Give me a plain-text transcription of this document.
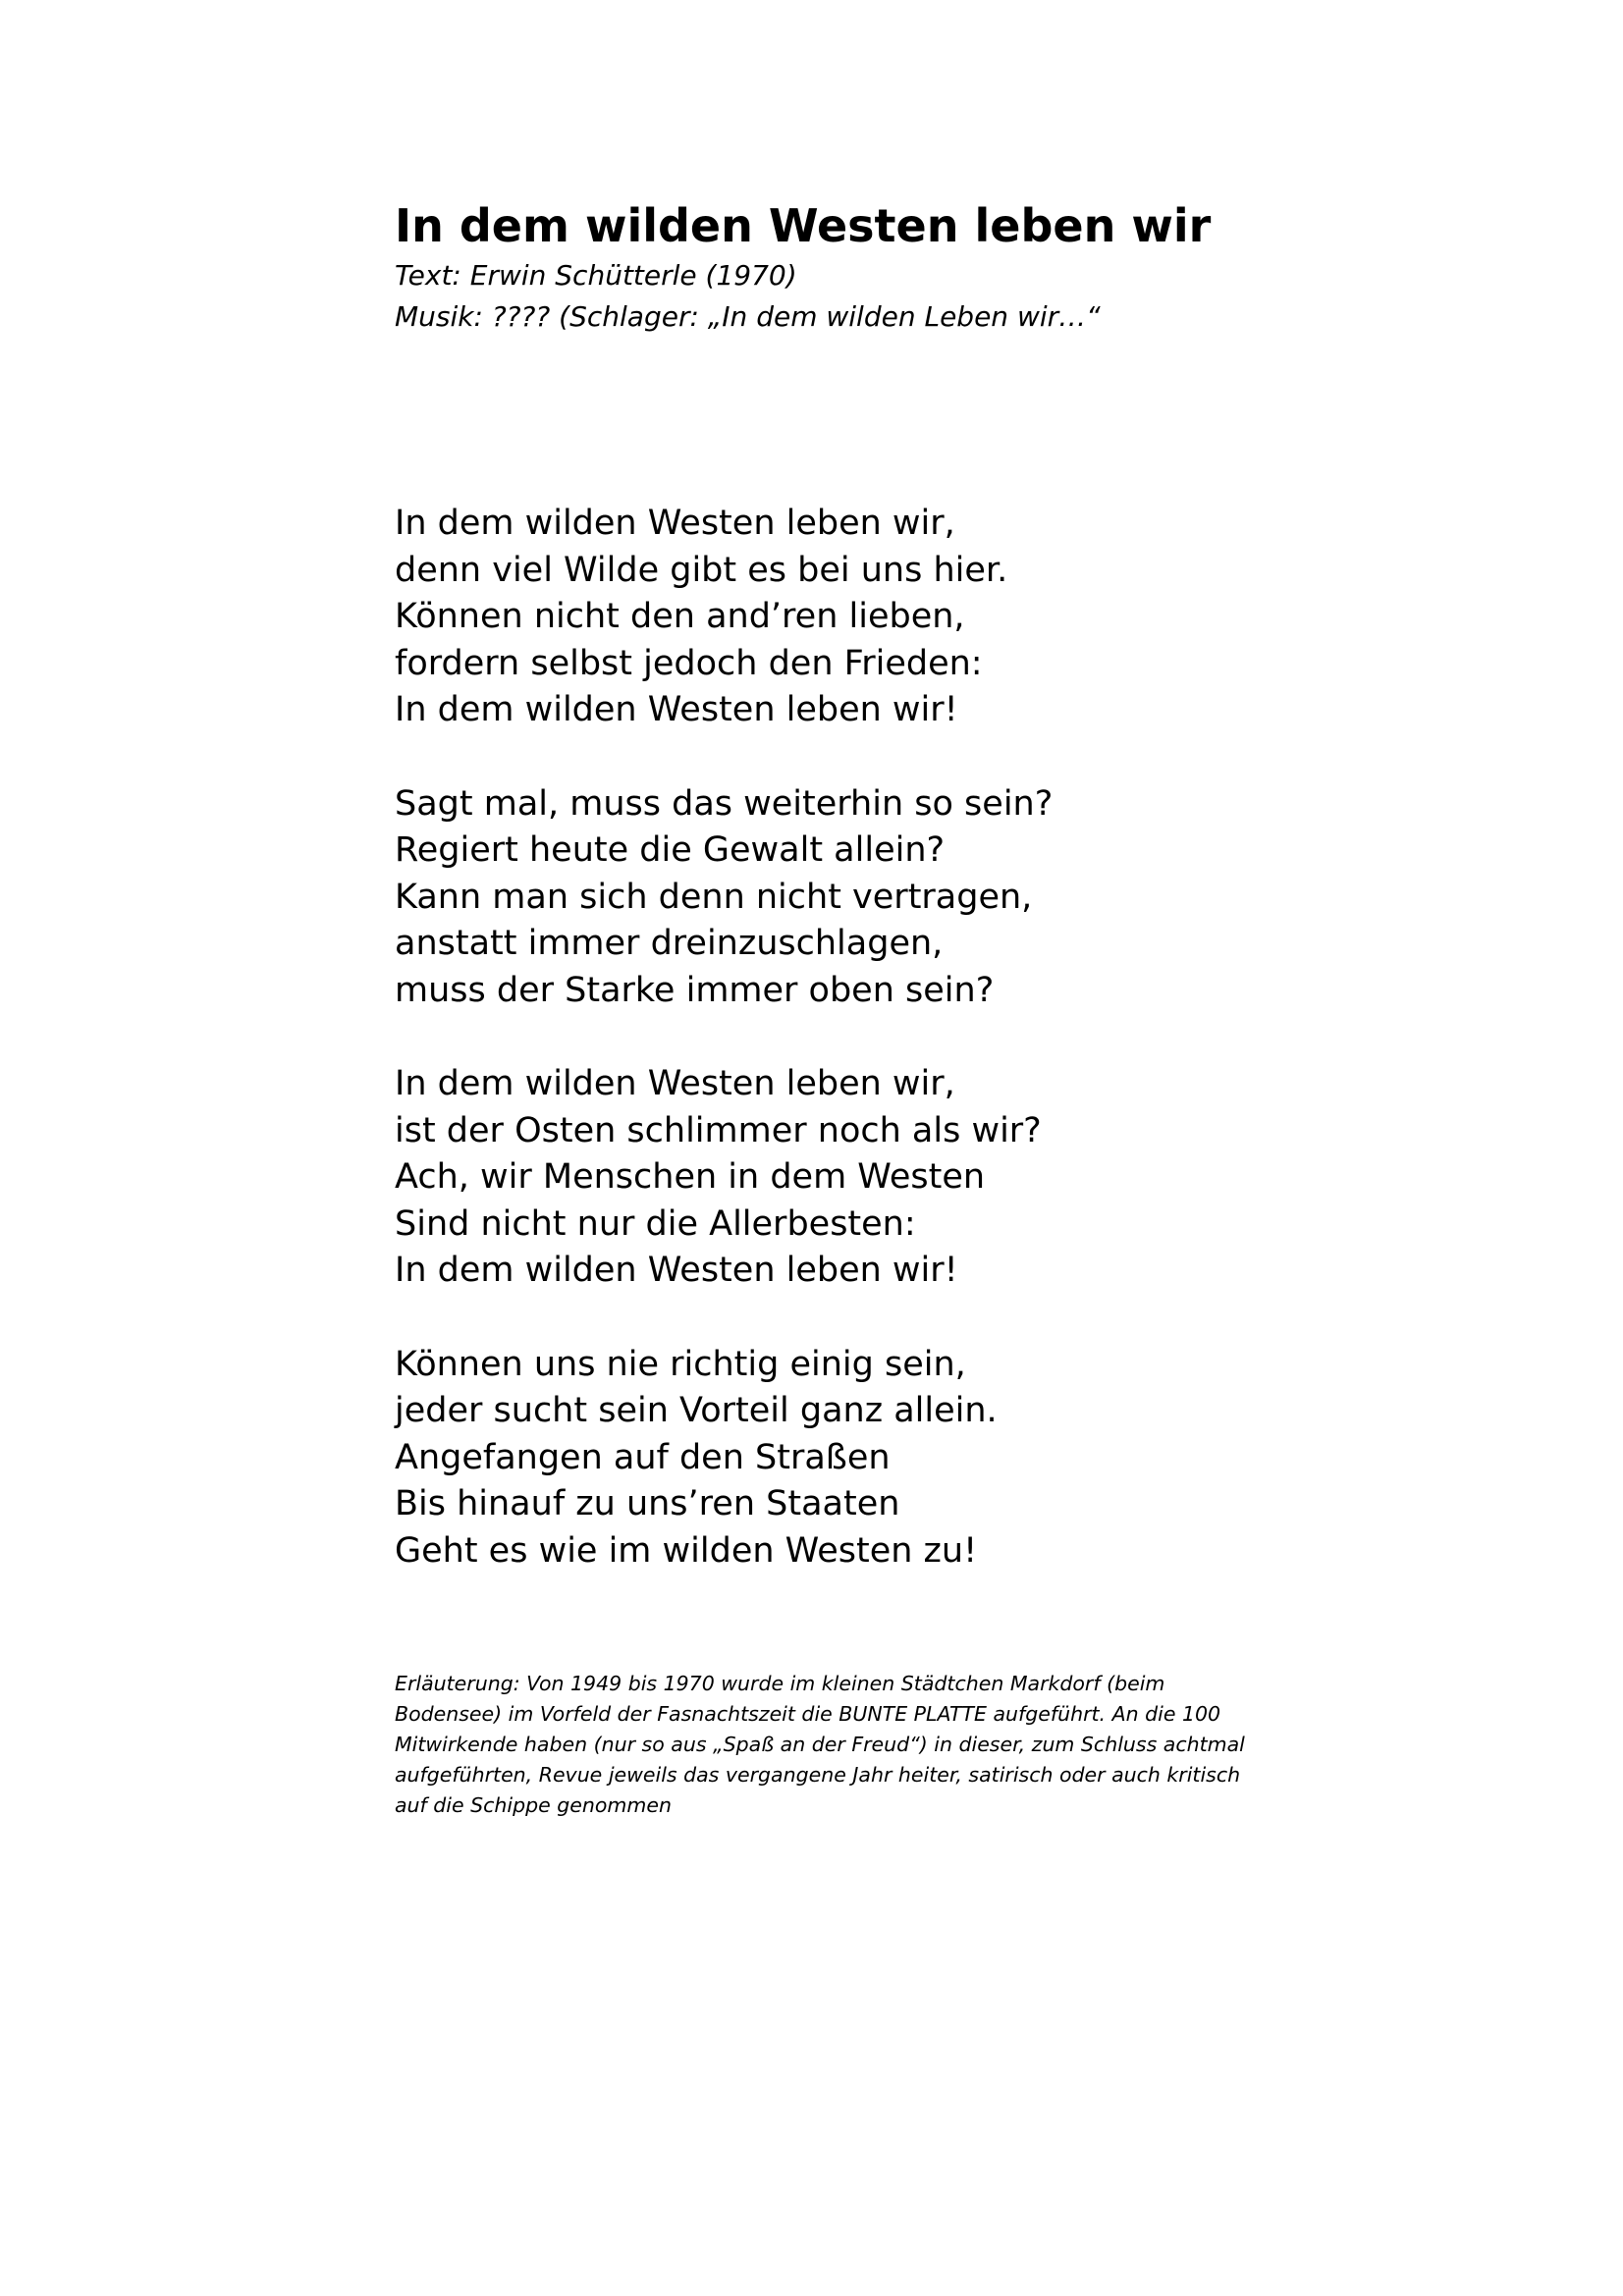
In dem wilden Westen leben wir

Text: Erwin Schütterle (1970)

Musik: ???? (Schlager: „In dem wilden Leben wir…“

In dem wilden Westen leben wir,
denn viel Wilde gibt es bei uns hier.
Können nicht den and’ren lieben,
fordern selbst jedoch den Frieden:
In dem wilden Westen leben wir!
Sagt mal, muss das weiterhin so sein?
Regiert heute die Gewalt allein?
Kann man sich denn nicht vertragen,
anstatt immer dreinzuschlagen,
muss der Starke immer oben sein?
In dem wilden Westen leben wir,
ist der Osten schlimmer noch als wir?
Ach, wir Menschen in dem Westen
Sind nicht nur die Allerbesten:
In dem wilden Westen leben wir!
Können uns nie richtig einig sein,
jeder sucht sein Vorteil ganz allein.
Angefangen auf den Straßen
Bis hinauf zu uns’ren Staaten
Geht es wie im wilden Westen zu!

Erläuterung: Von 1949 bis 1970 wurde im kleinen Städtchen Markdorf (beim Bodensee) im Vorfeld der Fasnachtszeit die BUNTE PLATTE aufgeführt. An die 100 Mitwirkende haben (nur so aus „Spaß an der Freud“) in dieser, zum Schluss achtmal aufgeführten, Revue jeweils das vergangene Jahr heiter, satirisch oder auch kritisch auf die Schippe genommen
